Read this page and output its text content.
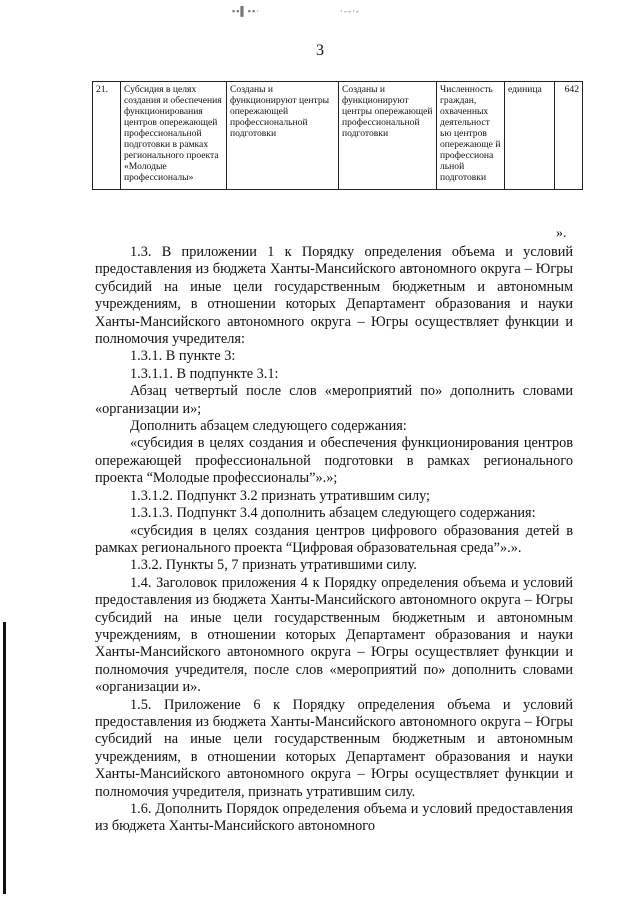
▪▪▌▪▪·	·‐‐·‐
3
21.	Субсидия в целях создания и обеспечения функционирования центров опережающей профессиональной подготовки в рамках регионального проекта «Молодые профессионалы»	Созданы и функционируют центры опережающей профессиональной подготовки	Созданы и функционируют центры опережающей профессиональной подготовки	Численность граждан, охваченных деятельност ью центров опережающе й профессиона льной подготовки	единица	642
».

1.3. В приложении 1 к Порядку определения объема и условий предоставления из бюджета Ханты-Мансийского автономного округа – Югры субсидий на иные цели государственным бюджетным и автономным учреждениям, в отношении которых Департамент образования и науки Ханты-Мансийского автономного округа – Югры осуществляет функции и полномочия учредителя:

1.3.1. В пункте 3:

1.3.1.1. В подпункте 3.1:

Абзац четвертый после слов «мероприятий по» дополнить словами «организации и»;

Дополнить абзацем следующего содержания:

«субсидия в целях создания и обеспечения функционирования центров опережающей профессиональной подготовки в рамках регионального проекта “Молодые профессионалы”».»;

1.3.1.2. Подпункт 3.2 признать утратившим силу;

1.3.1.3. Подпункт 3.4 дополнить абзацем следующего содержания:

«субсидия в целях создания центров цифрового образования детей в рамках регионального проекта “Цифровая образовательная среда”».».

1.3.2. Пункты 5, 7 признать утратившими силу.

1.4. Заголовок приложения 4 к Порядку определения объема и условий предоставления из бюджета Ханты-Мансийского автономного округа – Югры субсидий на иные цели государственным бюджетным и автономным учреждениям, в отношении которых Департамент образования и науки Ханты-Мансийского автономного округа – Югры осуществляет функции и полномочия учредителя, после слов «мероприятий по» дополнить словами «организации и».

1.5. Приложение 6 к Порядку определения объема и условий предоставления из бюджета Ханты-Мансийского автономного округа – Югры субсидий на иные цели государственным бюджетным и автономным учреждениям, в отношении которых Департамент образования и науки Ханты-Мансийского автономного округа – Югры осуществляет функции и полномочия учредителя, признать утратившим силу.

1.6. Дополнить Порядок определения объема и условий предоставления из бюджета Ханты-Мансийского автономного
